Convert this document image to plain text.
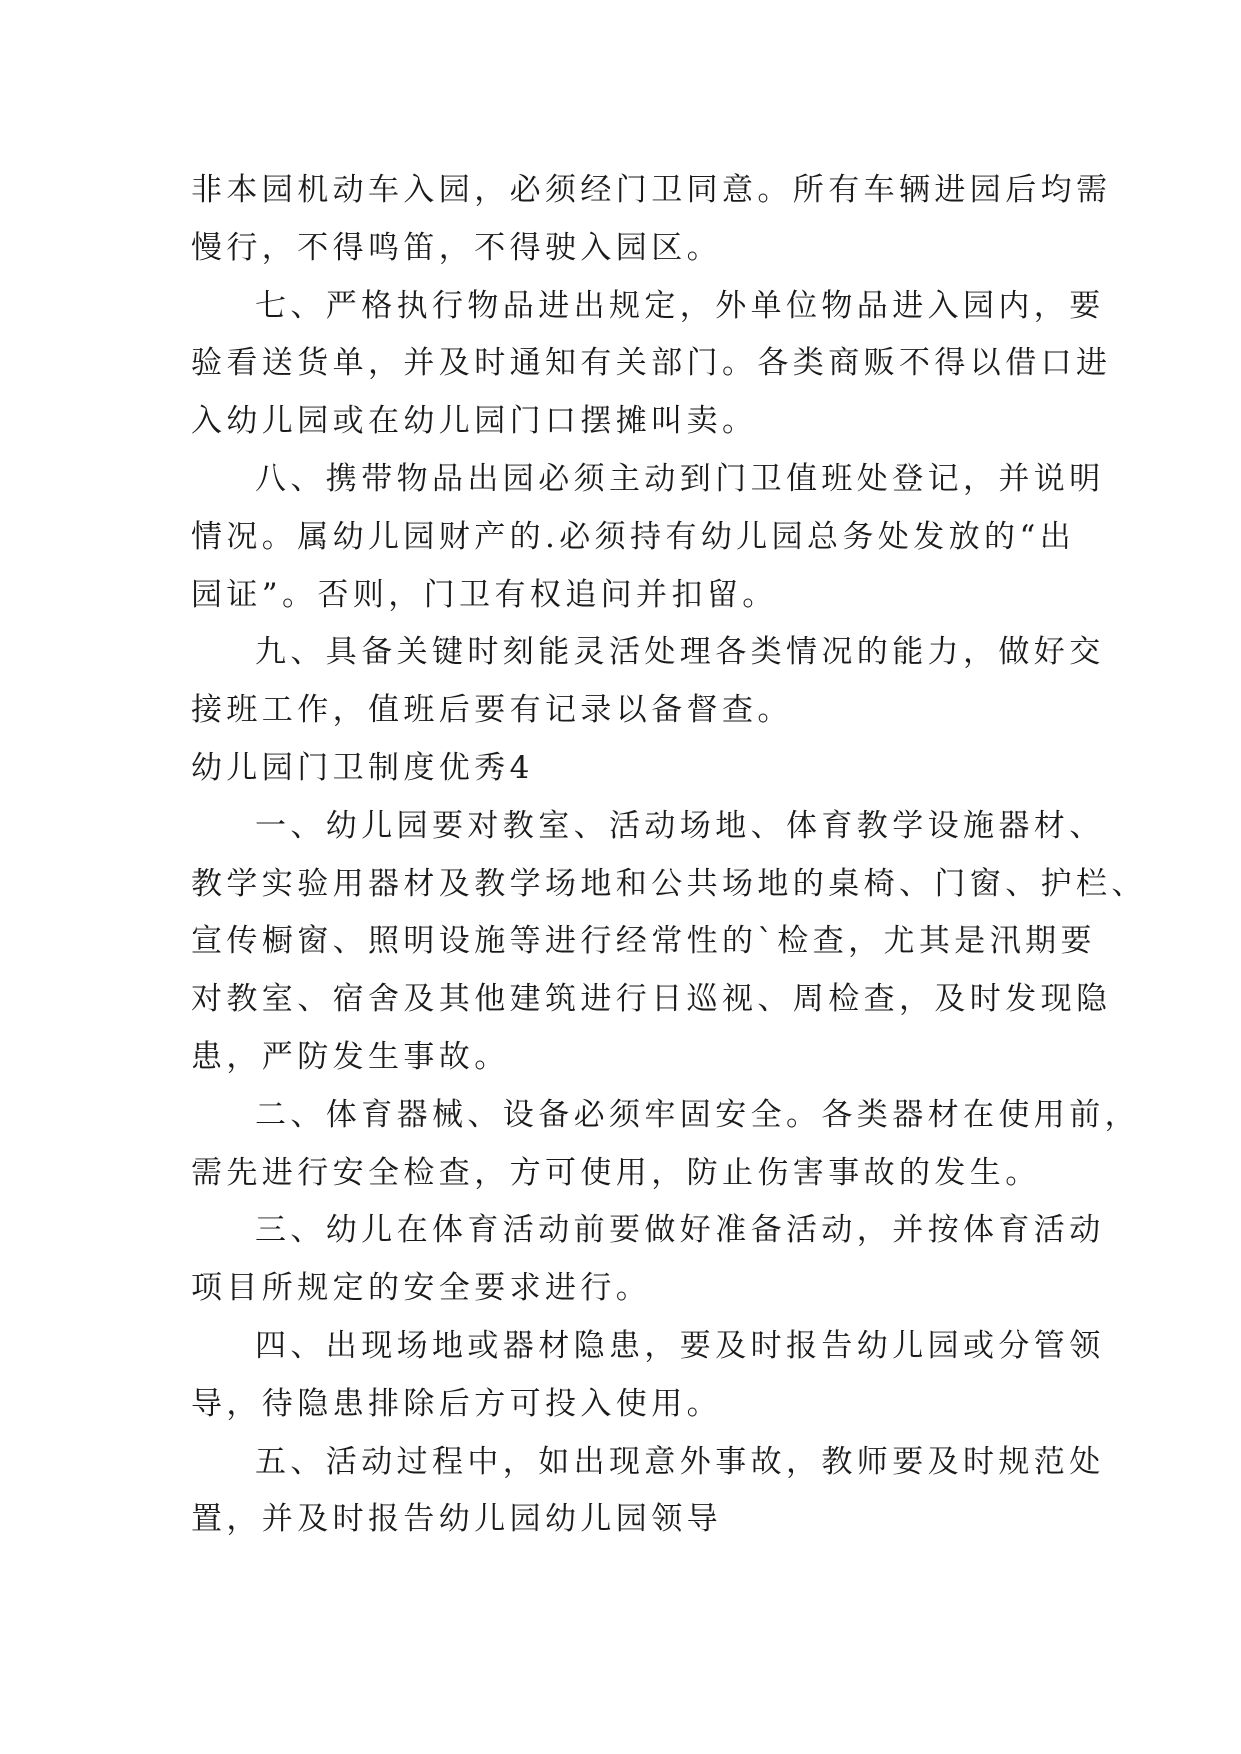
非本园机动车入园，必须经门卫同意。所有车辆进园后均需
慢行，不得鸣笛，不得驶入园区。
七、严格执行物品进出规定，外单位物品进入园内，要
验看送货单，并及时通知有关部门。各类商贩不得以借口进
入幼儿园或在幼儿园门口摆摊叫卖。
八、携带物品出园必须主动到门卫值班处登记，并说明
情况。属幼儿园财产的.必须持有幼儿园总务处发放的“出
园证”。否则，门卫有权追问并扣留。
九、具备关键时刻能灵活处理各类情况的能力，做好交
接班工作，值班后要有记录以备督查。
幼儿园门卫制度优秀4
一、幼儿园要对教室、活动场地、体育教学设施器材、
教学实验用器材及教学场地和公共场地的桌椅、门窗、护栏、
宣传橱窗、照明设施等进行经常性的`检查，尤其是汛期要
对教室、宿舍及其他建筑进行日巡视、周检查，及时发现隐
患，严防发生事故。
二、体育器械、设备必须牢固安全。各类器材在使用前，
需先进行安全检查，方可使用，防止伤害事故的发生。
三、幼儿在体育活动前要做好准备活动，并按体育活动
项目所规定的安全要求进行。
四、出现场地或器材隐患，要及时报告幼儿园或分管领
导，待隐患排除后方可投入使用。
五、活动过程中，如出现意外事故，教师要及时规范处
置，并及时报告幼儿园幼儿园领导
